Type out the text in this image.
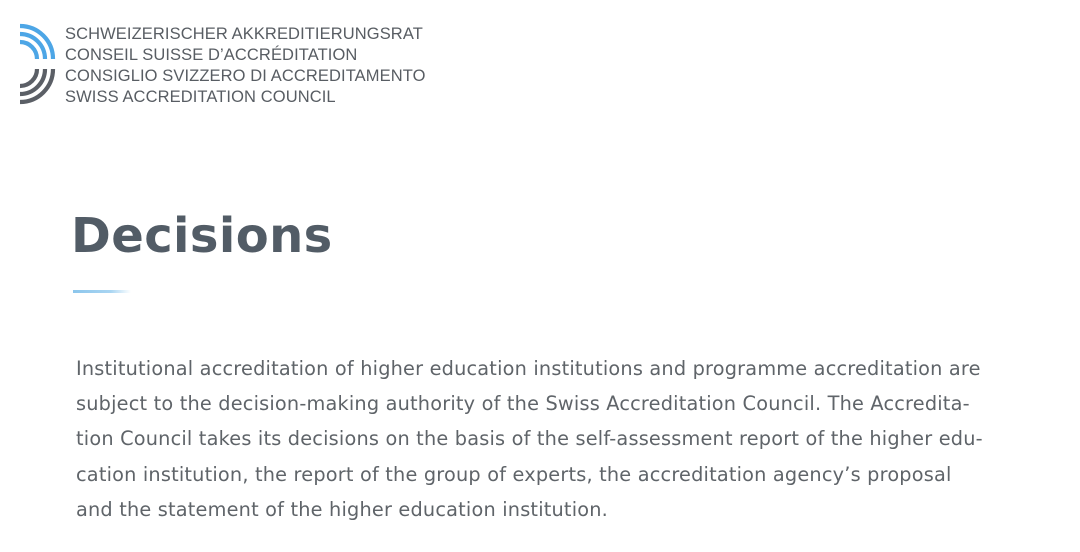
SCHWEIZERISCHER AKKREDITIERUNGSRAT
CONSEIL SUISSE D’ACCRÉDITATION
CONSIGLIO SVIZZERO DI ACCREDITAMENTO
SWISS ACCREDITATION COUNCIL
Decisions
Institutional accreditation of higher education institutions and programme accreditation are
subject to the decision-making authority of the Swiss Accreditation Council. The Accredita-
tion Council takes its decisions on the basis of the self-assessment report of the higher edu-
cation institution, the report of the group of experts, the accreditation agency’s proposal
and the statement of the higher education institution.
